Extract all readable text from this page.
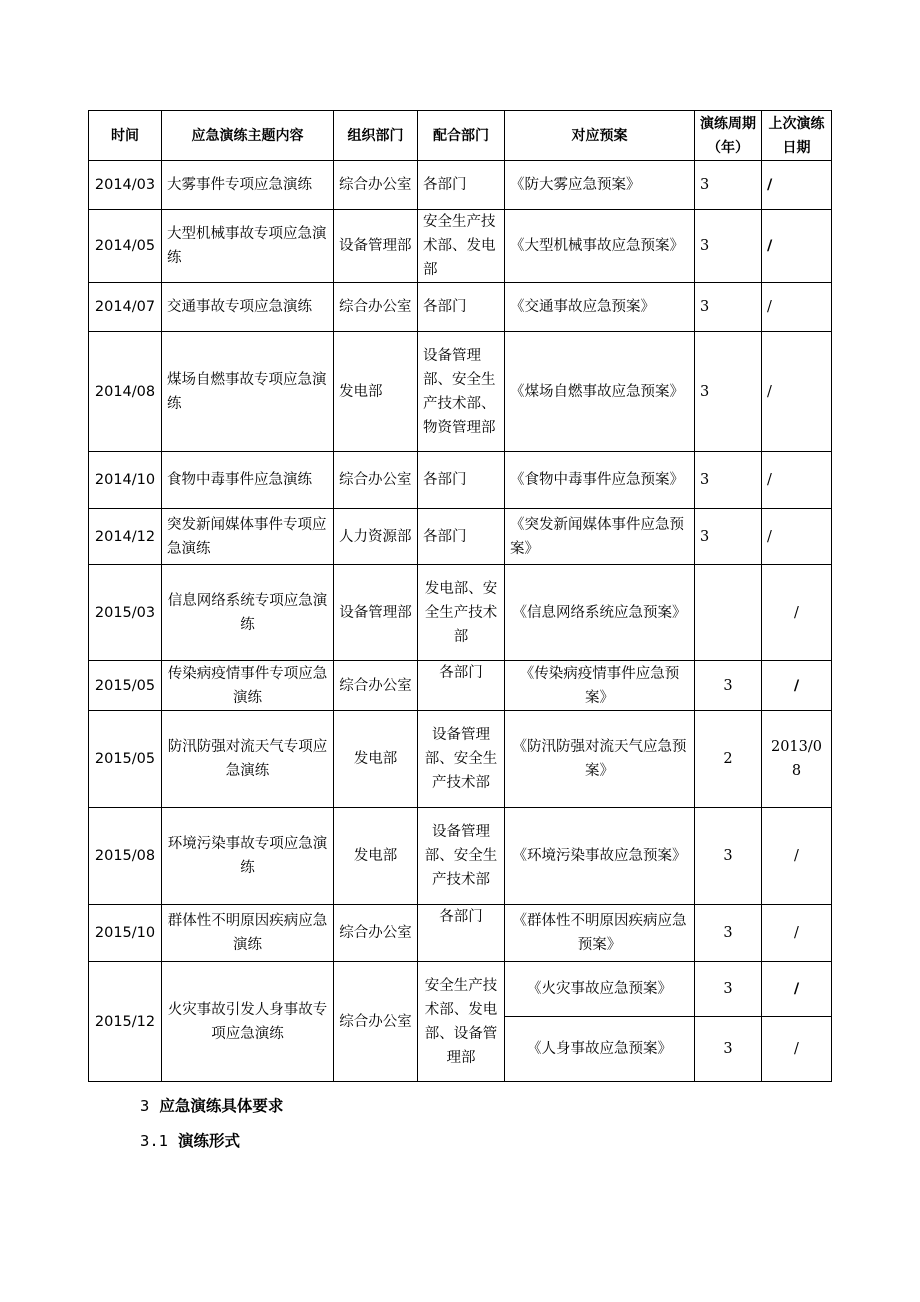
时间	应急演练主题内容	组织部门	配合部门	对应预案	演练周期（年）	上次演练日期
2014/03	大雾事件专项应急演练	综合办公室	各部门	《防大雾应急预案》	3	/
2014/05	大型机械事故专项应急演练	设备管理部	安全生产技术部、发电部	《大型机械事故应急预案》	3	/
2014/07	交通事故专项应急演练	综合办公室	各部门	《交通事故应急预案》	3	/
2014/08	煤场自燃事故专项应急演练	发电部	设备管理部、安全生产技术部、物资管理部	《煤场自燃事故应急预案》	3	/
2014/10	食物中毒事件应急演练	综合办公室	各部门	《食物中毒事件应急预案》	3	/
2014/12	突发新闻媒体事件专项应急演练	人力资源部	各部门	《突发新闻媒体事件应急预案》	3	/
2015/03	信息网络系统专项应急演练	设备管理部	发电部、安全生产技术部	《信息网络系统应急预案》		/
2015/05	传染病疫情事件专项应急演练	综合办公室	各部门	《传染病疫情事件应急预案》	3	/
2015/05	防汛防强对流天气专项应急演练	发电部	设备管理部、安全生产技术部	《防汛防强对流天气应急预案》	2	2013/08
2015/08	环境污染事故专项应急演练	发电部	设备管理部、安全生产技术部	《环境污染事故应急预案》	3	/
2015/10	群体性不明原因疾病应急演练	综合办公室	各部门	《群体性不明原因疾病应急预案》	3	/
2015/12	火灾事故引发人身事故专项应急演练	综合办公室	安全生产技术部、发电部、设备管理部	《火灾事故应急预案》	3	/
				《人身事故应急预案》	3	/
3 应急演练具体要求
3.1 演练形式
